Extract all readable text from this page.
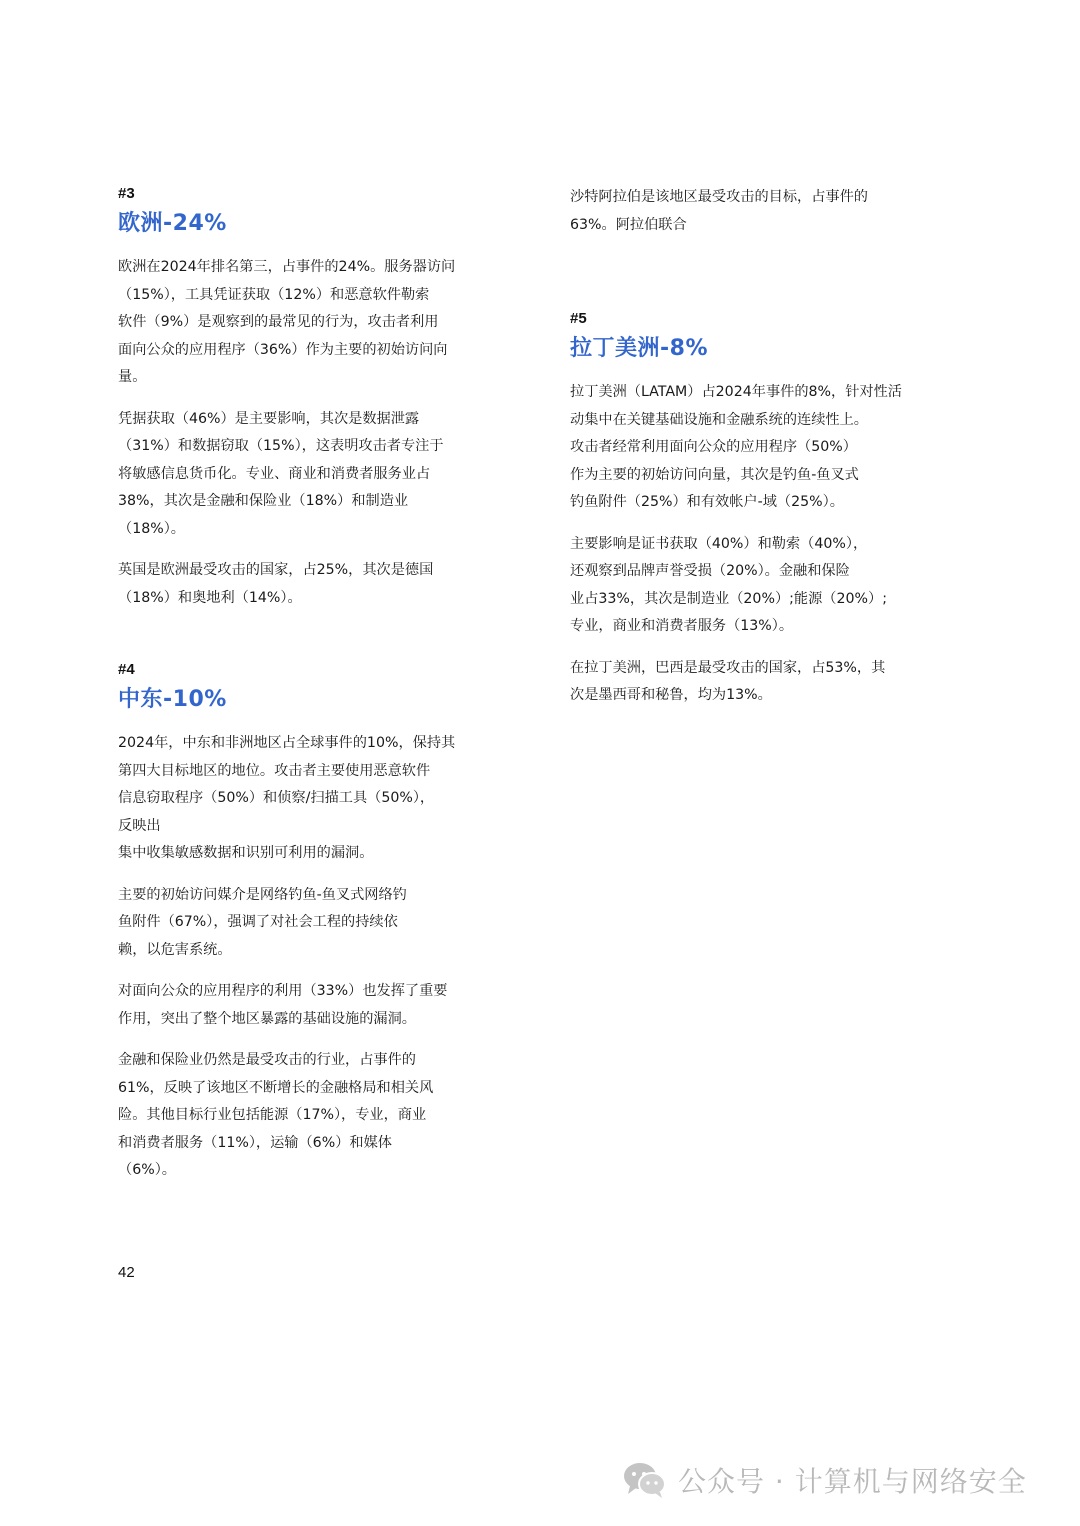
#3

欧洲-24%

欧洲在2024年排名第三，占事件的24%。服务器访问
（15%），工具凭证获取（12%）和恶意软件勒索
软件（9%）是观察到的最常见的行为，攻击者利用
面向公众的应用程序（36%）作为主要的初始访问向
量。

凭据获取（46%）是主要影响，其次是数据泄露
（31%）和数据窃取（15%），这表明攻击者专注于
将敏感信息货币化。专业、商业和消费者服务业占
38%，其次是金融和保险业（18%）和制造业
（18%）。

英国是欧洲最受攻击的国家，占25%，其次是德国
（18%）和奥地利（14%）。

#4

中东-10%

2024年，中东和非洲地区占全球事件的10%，保持其
第四大目标地区的地位。攻击者主要使用恶意软件
信息窃取程序（50%）和侦察/扫描工具（50%），
反映出
集中收集敏感数据和识别可利用的漏洞。

主要的初始访问媒介是网络钓鱼-鱼叉式网络钓
鱼附件（67%），强调了对社会工程的持续依
赖，以危害系统。

对面向公众的应用程序的利用（33%）也发挥了重要
作用，突出了整个地区暴露的基础设施的漏洞。

金融和保险业仍然是最受攻击的行业，占事件的
61%，反映了该地区不断增长的金融格局和相关风
险。其他目标行业包括能源（17%），专业，商业
和消费者服务（11%），运输（6%）和媒体
（6%）。

沙特阿拉伯是该地区最受攻击的目标，占事件的
63%。阿拉伯联合

#5

拉丁美洲-8%

拉丁美洲（LATAM）占2024年事件的8%，针对性活
动集中在关键基础设施和金融系统的连续性上。
攻击者经常利用面向公众的应用程序（50%）
作为主要的初始访问向量，其次是钓鱼-鱼叉式
钓鱼附件（25%）和有效帐户-域（25%）。

主要影响是证书获取（40%）和勒索（40%），
还观察到品牌声誉受损（20%）。金融和保险
业占33%，其次是制造业（20%）;能源（20%）;
专业，商业和消费者服务（13%）。

在拉丁美洲，巴西是最受攻击的国家，占53%，其
次是墨西哥和秘鲁，均为13%。

42
公众号 · 计算机与网络安全
